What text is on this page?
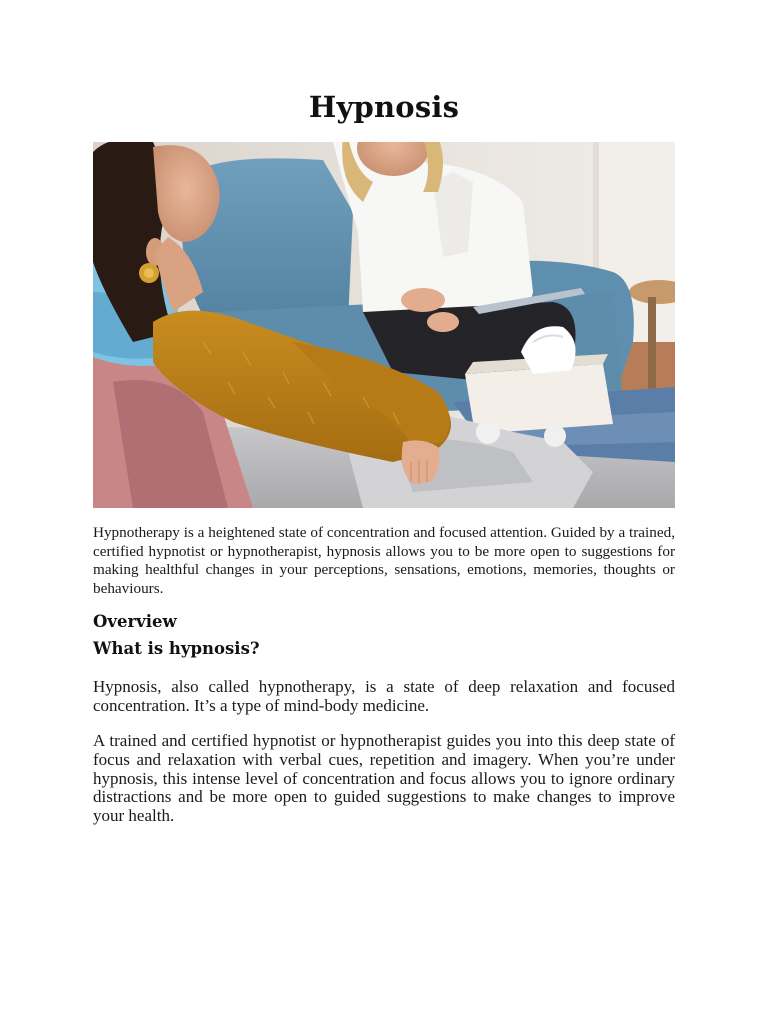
Hypnosis

Hypnotherapy is a heightened state of concentration and focused attention. Guided by a trained, certified hypnotist or hypnotherapist, hypnosis allows you to be more open to suggestions for making healthful changes in your perceptions, sensations, emotions, memories, thoughts or behaviours.

Overview
What is hypnosis?

Hypnosis, also called hypnotherapy, is a state of deep relaxation and focused concentration. It’s a type of mind-body medicine.

A trained and certified hypnotist or hypnotherapist guides you into this deep state of focus and relaxation with verbal cues, repetition and imagery. When you’re under hypnosis, this intense level of concentration and focus allows you to ignore ordinary distractions and be more open to guided suggestions to make changes to improve your health.
